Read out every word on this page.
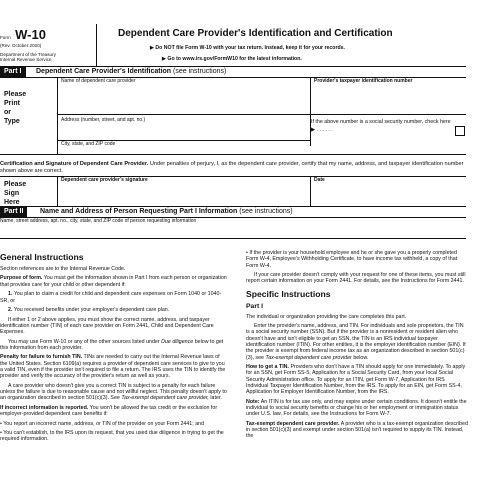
Form W-10
(Rev. October 2020)
Department of the Treasury
Internal Revenue Service
Dependent Care Provider's Identification and Certification
▶ Do NOT file Form W-10 with your tax return. Instead, keep it for your records.
▶ Go to www.irs.gov/FormW10 for the latest information.
Part I	Dependent Care Provider's Identification (see instructions)
Please
Print
or
Type
Name of dependent care provider	Provider's taxpayer identification number
Address (number, street, and apt. no.)	If the above number is a social security number, check here ▶ . . . . . .
City, state, and ZIP code
Certification and Signature of Dependent Care Provider. Under penalties of perjury, I, as the dependent care provider, certify that my name, address, and taxpayer identification number shown above are correct.
Please
Sign
Here
Dependent care provider's signature	Date
Part II	Name and Address of Person Requesting Part I Information (see instructions)
Name, street address, apt. no., city, state, and ZIP code of person requesting information
General Instructions

Section references are to the Internal Revenue Code.

Purpose of form. You must get the information shown in Part I from each person or organization that provides care for your child or other dependent if:

1. You plan to claim a credit for child and dependent care expenses on Form 1040 or 1040-SR, or

2. You received benefits under your employer's dependent care plan.

If either 1 or 2 above applies, you must show the correct name, address, and taxpayer identification number (TIN) of each care provider on Form 2441, Child and Dependent Care Expenses.

You may use Form W-10 or any of the other sources listed under Due diligence below to get this information from each provider.

Penalty for failure to furnish TIN. TINs are needed to carry out the Internal Revenue laws of the United States. Section 6109(a) requires a provider of dependent care services to give to you a valid TIN, even if the provider isn't required to file a return. The IRS uses the TIN to identify the provider and verify the accuracy of the provider's return as well as yours.

A care provider who doesn't give you a correct TIN is subject to a penalty for each failure unless the failure is due to reasonable cause and not willful neglect. This penalty doesn't apply to an organization described in section 501(c)(3). See Tax-exempt dependent care provider, later.

If incorrect information is reported. You won't be allowed the tax credit or the exclusion for employer-provided dependent care benefits if:

• You report an incorrect name, address, or TIN of the provider on your Form 2441; and

• You can't establish, to the IRS upon its request, that you used due diligence in trying to get the required information.

• If the provider is your household employee and he or she gave you a properly completed Form W-4, Employee's Withholding Certificate, to have income tax withheld, a copy of that Form W-4.

If your care provider doesn't comply with your request for one of these items, you must still report certain information on your Form 2441. For details, see the Instructions for Form 2441.

Specific Instructions
Part I

The individual or organization providing the care completes this part.

Enter the provider's name, address, and TIN. For individuals and sole proprietors, the TIN is a social security number (SSN). But if the provider is a nonresident or resident alien who doesn't have and isn't eligible to get an SSN, the TIN is an IRS individual taxpayer identification number (ITIN). For other entities, it is the employer identification number (EIN). If the provider is exempt from federal income tax as an organization described in section 501(c)(3), see Tax-exempt dependent care provider below.

How to get a TIN. Providers who don't have a TIN should apply for one immediately. To apply for an SSN, get Form SS-5, Application for a Social Security Card, from your local Social Security Administration office. To apply for an ITIN, get Form W-7, Application for IRS Individual Taxpayer Identification Number, from the IRS. To apply for an EIN, get Form SS-4, Application for Employer Identification Number, from the IRS.

Note: An ITIN is for tax use only, and may expire under certain conditions. It doesn't entitle the individual to social security benefits or change his or her employment or immigration status under U.S. law. For details, see the Instructions for Form W-7.

Tax-exempt dependent care provider. A provider who is a tax-exempt organization described in section 501(c)(3) and exempt under section 501(a) isn't required to supply its TIN. Instead, the
